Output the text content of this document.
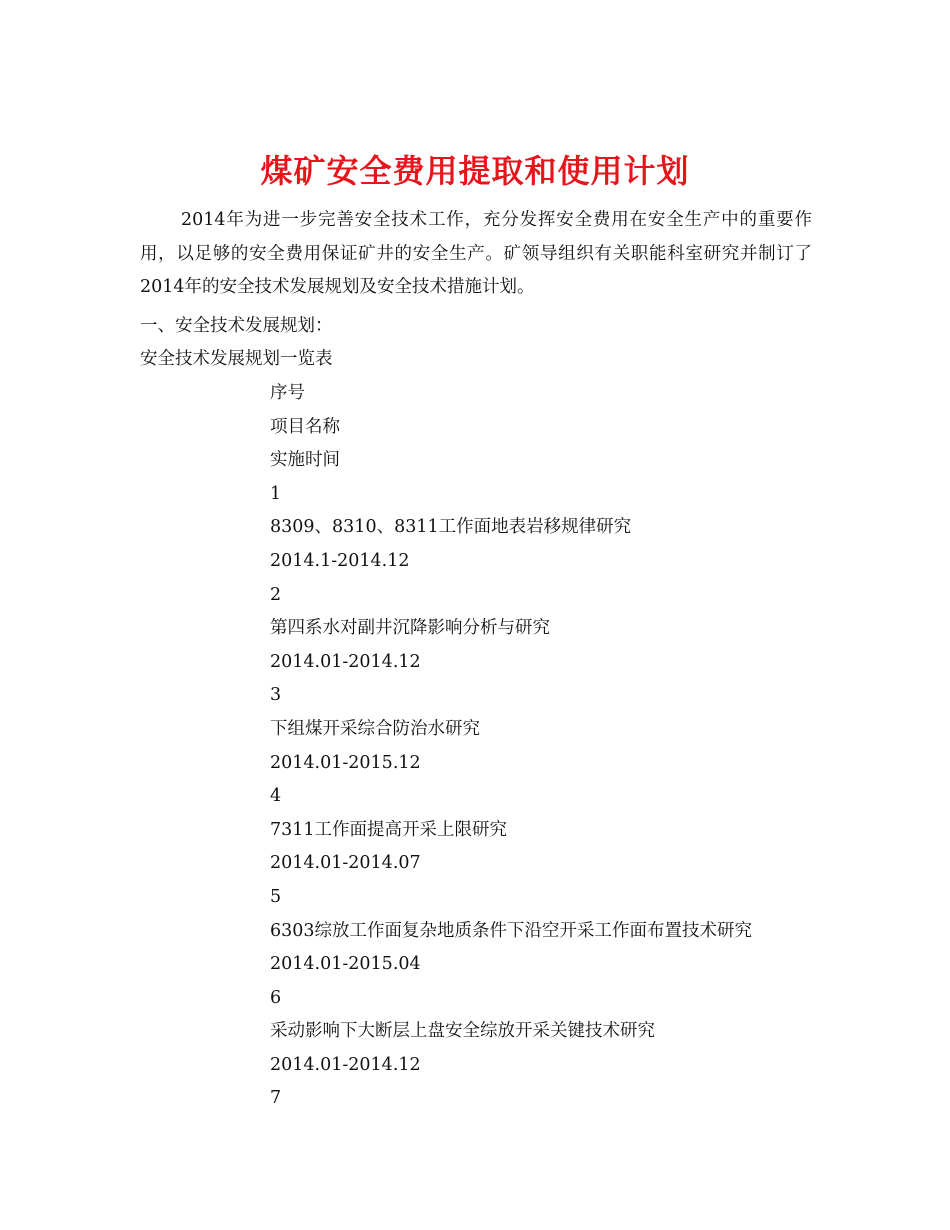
煤矿安全费用提取和使用计划

2014年为进一步完善安全技术工作，充分发挥安全费用在安全生产中的重要作用，以足够的安全费用保证矿井的安全生产。矿领导组织有关职能科室研究并制订了2014年的安全技术发展规划及安全技术措施计划。

一、安全技术发展规划：

安全技术发展规划一览表

序号
项目名称
实施时间
1
8309、8310、8311工作面地表岩移规律研究
2014.1-2014.12
2
第四系水对副井沉降影响分析与研究
2014.01-2014.12
3
下组煤开采综合防治水研究
2014.01-2015.12
4
7311工作面提高开采上限研究
2014.01-2014.07
5
6303综放工作面复杂地质条件下沿空开采工作面布置技术研究
2014.01-2015.04
6
采动影响下大断层上盘安全综放开采关键技术研究
2014.01-2014.12
7
